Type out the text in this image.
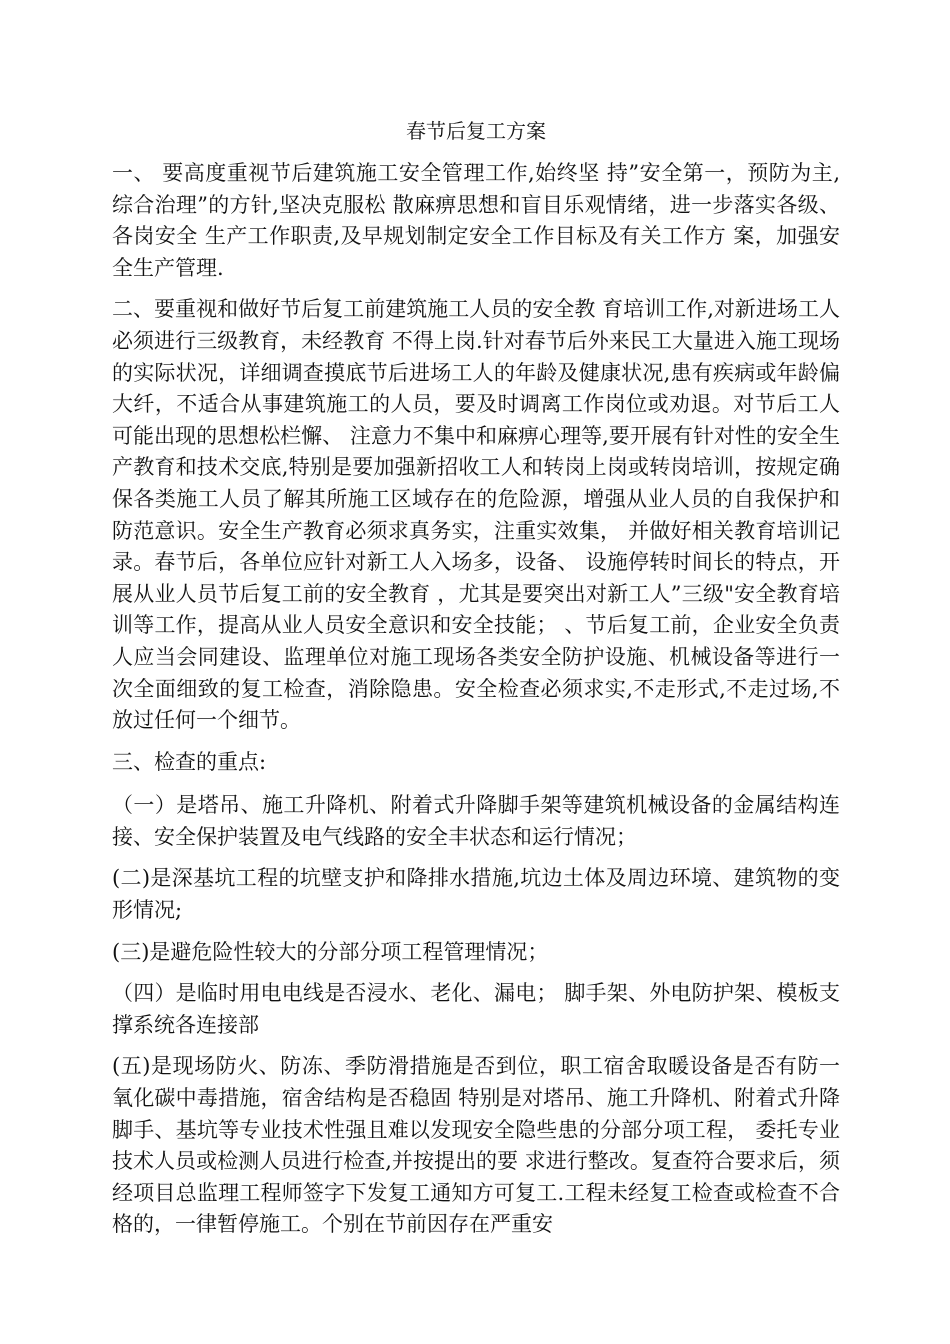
春节后复工方案

一、 要高度重视节后建筑施工安全管理工作,始终坚 持”安全第一，预防为主,综合治理”的方针,坚决克服松 散麻痹思想和盲目乐观情绪，进一步落实各级、各岗安全 生产工作职责,及早规划制定安全工作目标及有关工作方 案，加强安全生产管理.

二、要重视和做好节后复工前建筑施工人员的安全教 育培训工作,对新进场工人必须进行三级教育，未经教育 不得上岗.针对春节后外来民工大量进入施工现场的实际状况，详细调查摸底节后进场工人的年龄及健康状况,患有疾病或年龄偏大纤，不适合从事建筑施工的人员，要及时调离工作岗位或劝退。对节后工人可能出现的思想松栏懈、 注意力不集中和麻痹心理等,要开展有针对性的安全生产教育和技术交底,特别是要加强新招收工人和转岗上岗或转岗培训，按规定确保各类施工人员了解其所施工区域存在的危险源，增强从业人员的自我保护和防范意识。安全生产教育必须求真务实，注重实效集， 并做好相关教育培训记录。春节后，各单位应针对新工人入场多，设备、 设施停转时间长的特点，开展从业人员节后复工前的安全教育 ，尤其是要突出对新工人”三级"安全教育培训等工作，提高从业人员安全意识和安全技能； 、节后复工前，企业安全负责人应当会同建设、监理单位对施工现场各类安全防护设施、机械设备等进行一次全面细致的复工检查，消除隐患。安全检查必须求实,不走形式,不走过场,不放过任何一个细节。

三、检查的重点:

（一）是塔吊、施工升降机、附着式升降脚手架等建筑机械设备的金属结构连接、安全保护装置及电气线路的安全丰状态和运行情况；

(二)是深基坑工程的坑壁支护和降排水措施,坑边土体及周边环境、建筑物的变形情况;

(三)是避危险性较大的分部分项工程管理情况；

（四）是临时用电电线是否浸水、老化、漏电； 脚手架、外电防护架、模板支撑系统各连接部

(五)是现场防火、防冻、季防滑措施是否到位，职工宿舍取暖设备是否有防一氧化碳中毒措施，宿舍结构是否稳固 特别是对塔吊、施工升降机、附着式升降脚手、基坑等专业技术性强且难以发现安全隐些患的分部分项工程， 委托专业技术人员或检测人员进行检查,并按提出的要 求进行整改。复查符合要求后，须经项目总监理工程师签字下发复工通知方可复工.工程未经复工检查或检查不合格的，一律暂停施工。个别在节前因存在严重安
